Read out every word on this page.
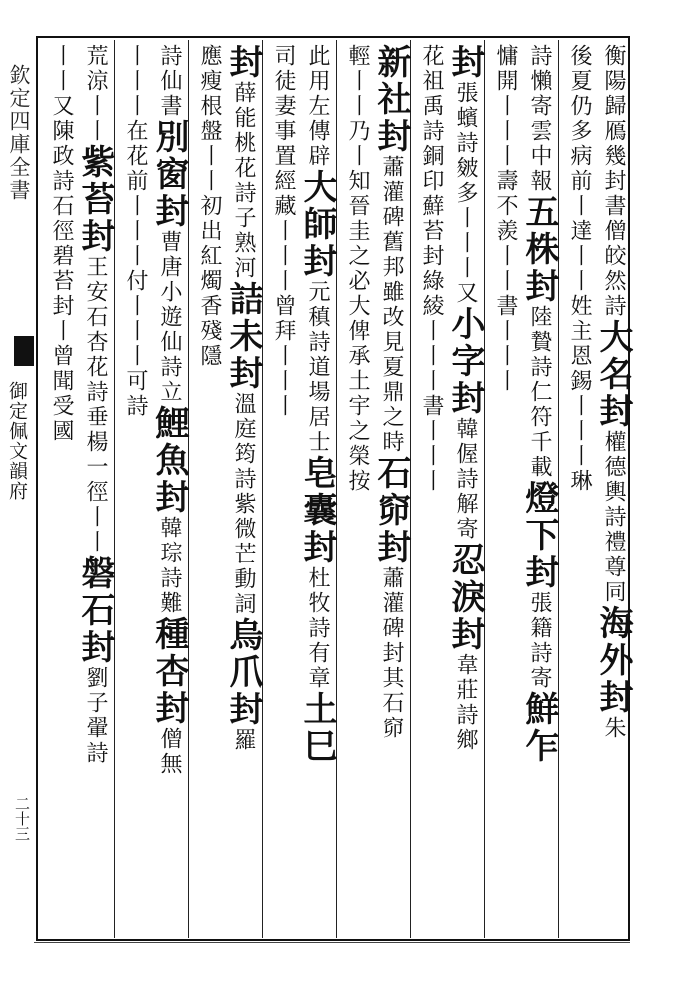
欽定四庫全書
御定佩文韻府
二十三
衡陽歸鴈幾封書僧皎然詩大名封權德輿詩禮尊同海外封朱
後夏仍多病前丨達丨丨姓主恩錫丨丨丨琳
詩懶寄雲中報五株封陸贄詩仁符千載燈下封張籍詩寄鮮乍
慵開丨丨丨壽不羨丨丨書丨丨丨
封張蠙詩皴多丨丨丨又小字封韓偓詩解寄忍淚封韋莊詩鄉
花祖禹詩銅印蘚苔封綠綾丨丨丨書丨丨丨
新社封蕭灌碑舊邦雖改見夏鼎之時石窌封蕭灌碑封其石窌
輕丨丨乃丨知晉圭之必大俾承土宇之榮按
此用左傳辟大師封元稹詩道場居士皂囊封杜牧詩有章土巳
司徒妻事置經藏丨丨丨曾拜丨丨丨
封薛能桃花詩子熟河詰未封溫庭筠詩紫微芒動詞烏爪封羅
應瘦根盤丨丨初出紅燭香殘隱
詩仙書別窗封曹唐小遊仙詩立鯉魚封韓琮詩難種杏封僧無
丨丨丨在花前丨丨丨付丨丨丨可詩
荒涼丨丨紫苔封王安石杏花詩垂楊一徑丨丨磐石封劉子翬詩
丨丨又陳政詩石徑碧苔封丨曾聞受國
